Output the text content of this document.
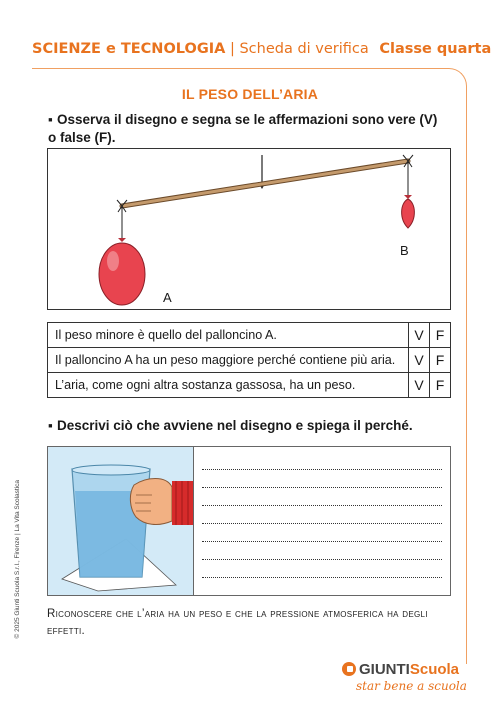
SCIENZE e TECNOLOGIA | Scheda di verifica Classe quarta
IL PESO DELL’ARIA
▪ Osserva il disegno e segna se le affermazioni sono vere (V) o false (F).
A
B
Il peso minore è quello del palloncino A.	V	F
Il palloncino A ha un peso maggiore perché contiene più aria.	V	F
L’aria, come ogni altra sostanza gassosa, ha un peso.	V	F
▪ Descrivi ciò che avviene nel disegno e spiega il perché.
Riconoscere che l’aria ha un peso e che la pressione atmosferica ha degli effetti.
© 2025 Giunti Scuola S.r.l., Firenze | La Vita Scolastica
GIUNTIScuola
star bene a scuola
